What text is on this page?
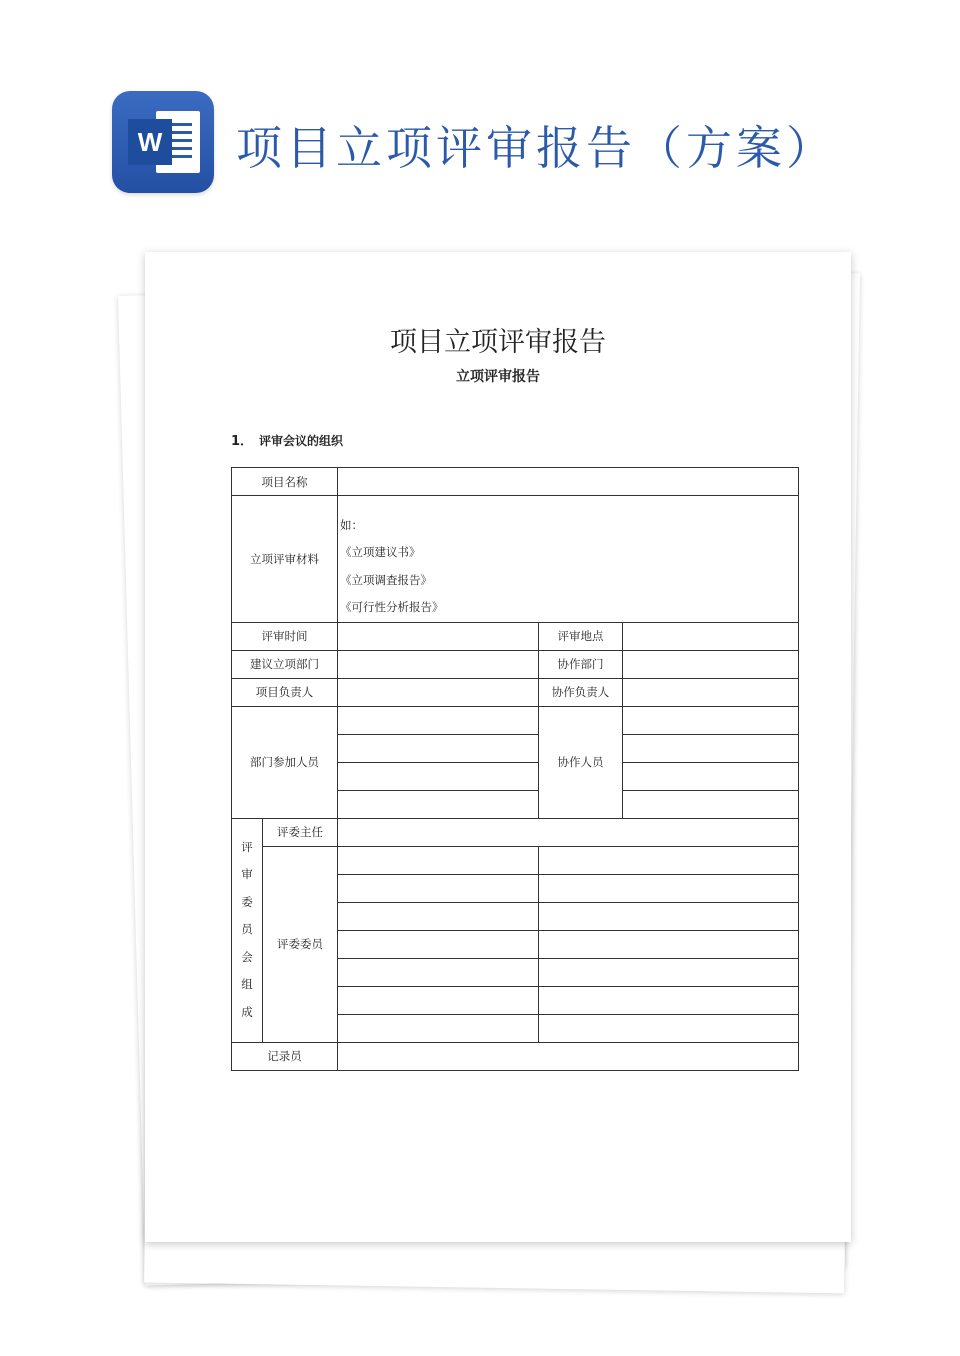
W 项目立项评审报告（方案）
项目立项评审报告
立项评审报告
1． 评审会议的组织
项目名称				
立项评审材料		如：
《立项建议书》
《立项调査报告》
《可行性分析报告》		

评审时间			评审地点	
建议立项部门			协作部门	
项目负责人			协作负责人	
部门参加人员			协作人员	

评审委员会组成	评委主任			
	评委委员			

记录员				
